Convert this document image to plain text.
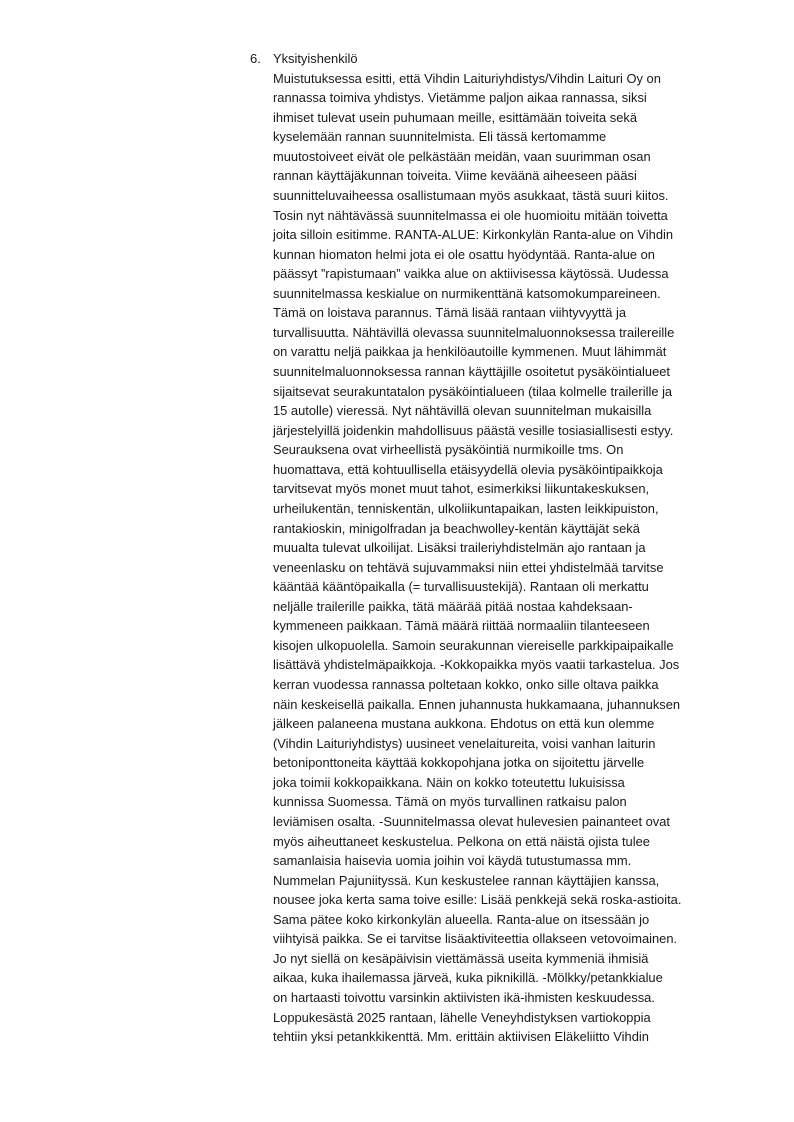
6. Yksityishenkilö
Muistutuksessa esitti, että Vihdin Laituriyhdistys/Vihdin Laituri Oy on
rannassa toimiva yhdistys. Vietämme paljon aikaa rannassa, siksi
ihmiset tulevat usein puhumaan meille, esittämään toiveita sekä
kyselemään rannan suunnitelmista. Eli tässä kertomamme
muutostoiveet eivät ole pelkästään meidän, vaan suurimman osan
rannan käyttäjäkunnan toiveita. Viime keväänä aiheeseen pääsi
suunnitteluvaiheessa osallistumaan myös asukkaat, tästä suuri kiitos.
Tosin nyt nähtävässä suunnitelmassa ei ole huomioitu mitään toivetta
joita silloin esitimme. RANTA-ALUE: Kirkonkylän Ranta-alue on Vihdin
kunnan hiomaton helmi jota ei ole osattu hyödyntää. Ranta-alue on
päässyt ”rapistumaan” vaikka alue on aktiivisessa käytössä. Uudessa
suunnitelmassa keskialue on nurmikenttänä katsomokumpareineen.
Tämä on loistava parannus. Tämä lisää rantaan viihtyvyyttä ja
turvallisuutta. Nähtävillä olevassa suunnitelmaluonnoksessa trailereille
on varattu neljä paikkaa ja henkilöautoille kymmenen. Muut lähimmät
suunnitelmaluonnoksessa rannan käyttäjille osoitetut pysäköintialueet
sijaitsevat seurakuntatalon pysäköintialueen (tilaa kolmelle trailerille ja
15 autolle) vieressä. Nyt nähtävillä olevan suunnitelman mukaisilla
järjestelyillä joidenkin mahdollisuus päästä vesille tosiasiallisesti estyy.
Seurauksena ovat virheellistä pysäköintiä nurmikoille tms. On
huomattava, että kohtuullisella etäisyydellä olevia pysäköintipaikkoja
tarvitsevat myös monet muut tahot, esimerkiksi liikuntakeskuksen,
urheilukentän, tenniskentän, ulkoliikuntapaikan, lasten leikkipuiston,
rantakioskin, minigolfradan ja beachwolley-kentän käyttäjät sekä
muualta tulevat ulkoilijat. Lisäksi traileriyhdistelmän ajo rantaan ja
veneenlasku on tehtävä sujuvammaksi niin ettei yhdistelmää tarvitse
kääntää kääntöpaikalla (= turvallisuustekijä). Rantaan oli merkattu
neljälle trailerille paikka, tätä määrää pitää nostaa kahdeksaan-
kymmeneen paikkaan. Tämä määrä riittää normaaliin tilanteeseen
kisojen ulkopuolella. Samoin seurakunnan viereiselle parkkipaipaikalle
lisättävä yhdistelmäpaikkoja. -Kokkopaikka myös vaatii tarkastelua. Jos
kerran vuodessa rannassa poltetaan kokko, onko sille oltava paikka
näin keskeisellä paikalla. Ennen juhannusta hukkamaana, juhannuksen
jälkeen palaneena mustana aukkona. Ehdotus on että kun olemme
(Vihdin Laituriyhdistys) uusineet venelaitureita, voisi vanhan laiturin
betoniponttoneita käyttää kokkopohjana jotka on sijoitettu järvelle
joka toimii kokkopaikkana. Näin on kokko toteutettu lukuisissa
kunnissa Suomessa. Tämä on myös turvallinen ratkaisu palon
leviämisen osalta. -Suunnitelmassa olevat hulevesien painanteet ovat
myös aiheuttaneet keskustelua. Pelkona on että näistä ojista tulee
samanlaisia haisevia uomia joihin voi käydä tutustumassa mm.
Nummelan Pajuniityssä. Kun keskustelee rannan käyttäjien kanssa,
nousee joka kerta sama toive esille: Lisää penkkejä sekä roska-astioita.
Sama pätee koko kirkonkylän alueella. Ranta-alue on itsessään jo
viihtyisä paikka. Se ei tarvitse lisäaktiviteettia ollakseen vetovoimainen.
Jo nyt siellä on kesäpäivisin viettämässä useita kymmeniä ihmisiä
aikaa, kuka ihailemassa järveä, kuka piknikillä. -Mölkky/petankkialue
on hartaasti toivottu varsinkin aktiivisten ikä-ihmisten keskuudessa.
Loppukesästä 2025 rantaan, lähelle Veneyhdistyksen vartiokoppia
tehtiin yksi petankkikenttä. Mm. erittäin aktiivisen Eläkeliitto Vihdin
